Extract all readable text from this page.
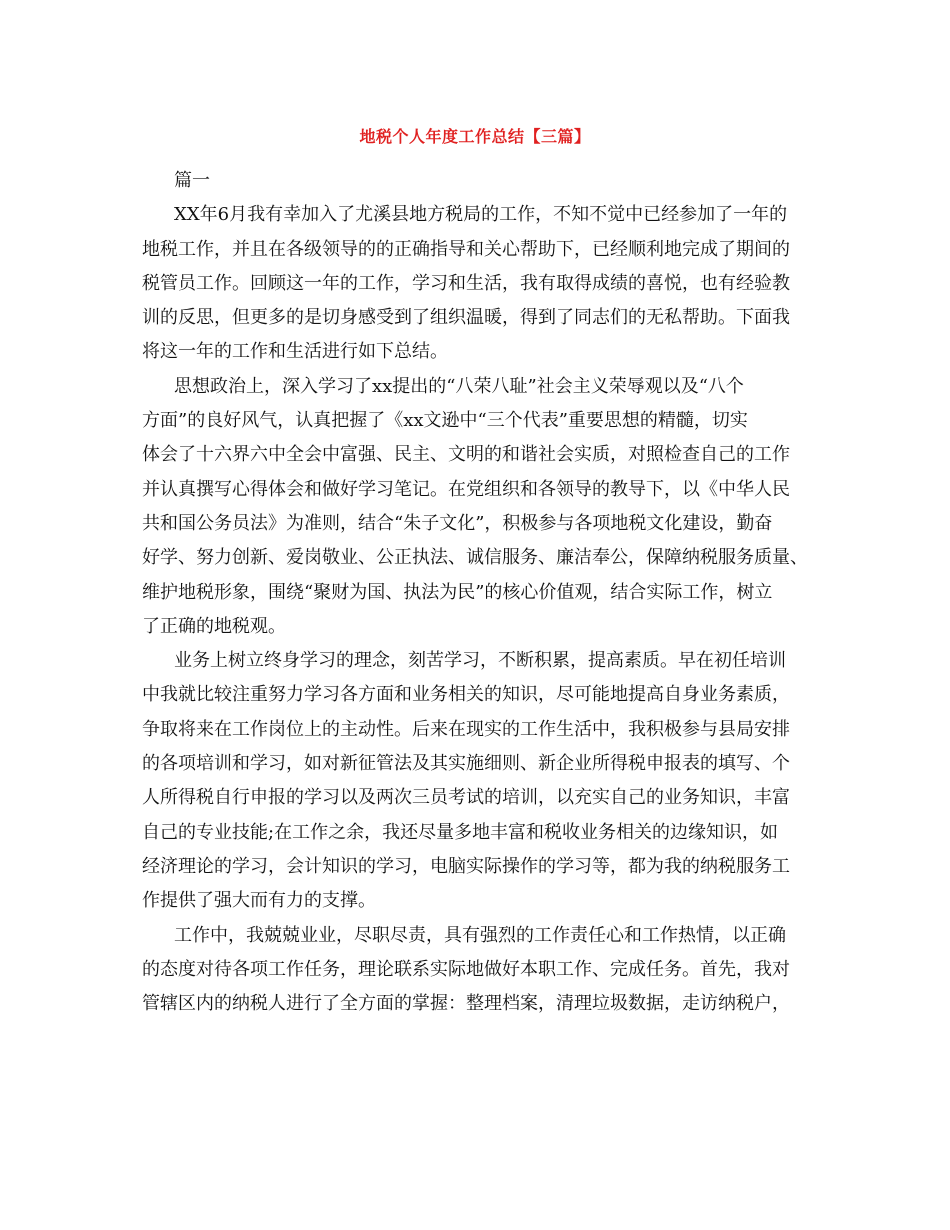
地税个人年度工作总结【三篇】
篇一
XX年6月我有幸加入了尤溪县地方税局的工作，不知不觉中已经参加了一年的
地税工作，并且在各级领导的的正确指导和关心帮助下，已经顺利地完成了期间的
税管员工作。回顾这一年的工作，学习和生活，我有取得成绩的喜悦，也有经验教
训的反思，但更多的是切身感受到了组织温暖，得到了同志们的无私帮助。下面我
将这一年的工作和生活进行如下总结。
思想政治上，深入学习了xx提出的“八荣八耻”社会主义荣辱观以及“八个
方面”的良好风气，认真把握了《xx文逊中“三个代表”重要思想的精髓，切实
体会了十六界六中全会中富强、民主、文明的和谐社会实质，对照检查自己的工作
并认真撰写心得体会和做好学习笔记。在党组织和各领导的教导下，以《中华人民
共和国公务员法》为准则，结合“朱子文化”，积极参与各项地税文化建设，勤奋
好学、努力创新、爱岗敬业、公正执法、诚信服务、廉洁奉公，保障纳税服务质量、
维护地税形象，围绕“聚财为国、执法为民”的核心价值观，结合实际工作，树立
了正确的地税观。
业务上树立终身学习的理念，刻苦学习，不断积累，提高素质。早在初任培训
中我就比较注重努力学习各方面和业务相关的知识，尽可能地提高自身业务素质，
争取将来在工作岗位上的主动性。后来在现实的工作生活中，我积极参与县局安排
的各项培训和学习，如对新征管法及其实施细则、新企业所得税申报表的填写、个
人所得税自行申报的学习以及两次三员考试的培训，以充实自己的业务知识，丰富
自己的专业技能;在工作之余，我还尽量多地丰富和税收业务相关的边缘知识，如
经济理论的学习，会计知识的学习，电脑实际操作的学习等，都为我的纳税服务工
作提供了强大而有力的支撑。
工作中，我兢兢业业，尽职尽责，具有强烈的工作责任心和工作热情，以正确
的态度对待各项工作任务，理论联系实际地做好本职工作、完成任务。首先，我对
管辖区内的纳税人进行了全方面的掌握：整理档案，清理垃圾数据，走访纳税户，
